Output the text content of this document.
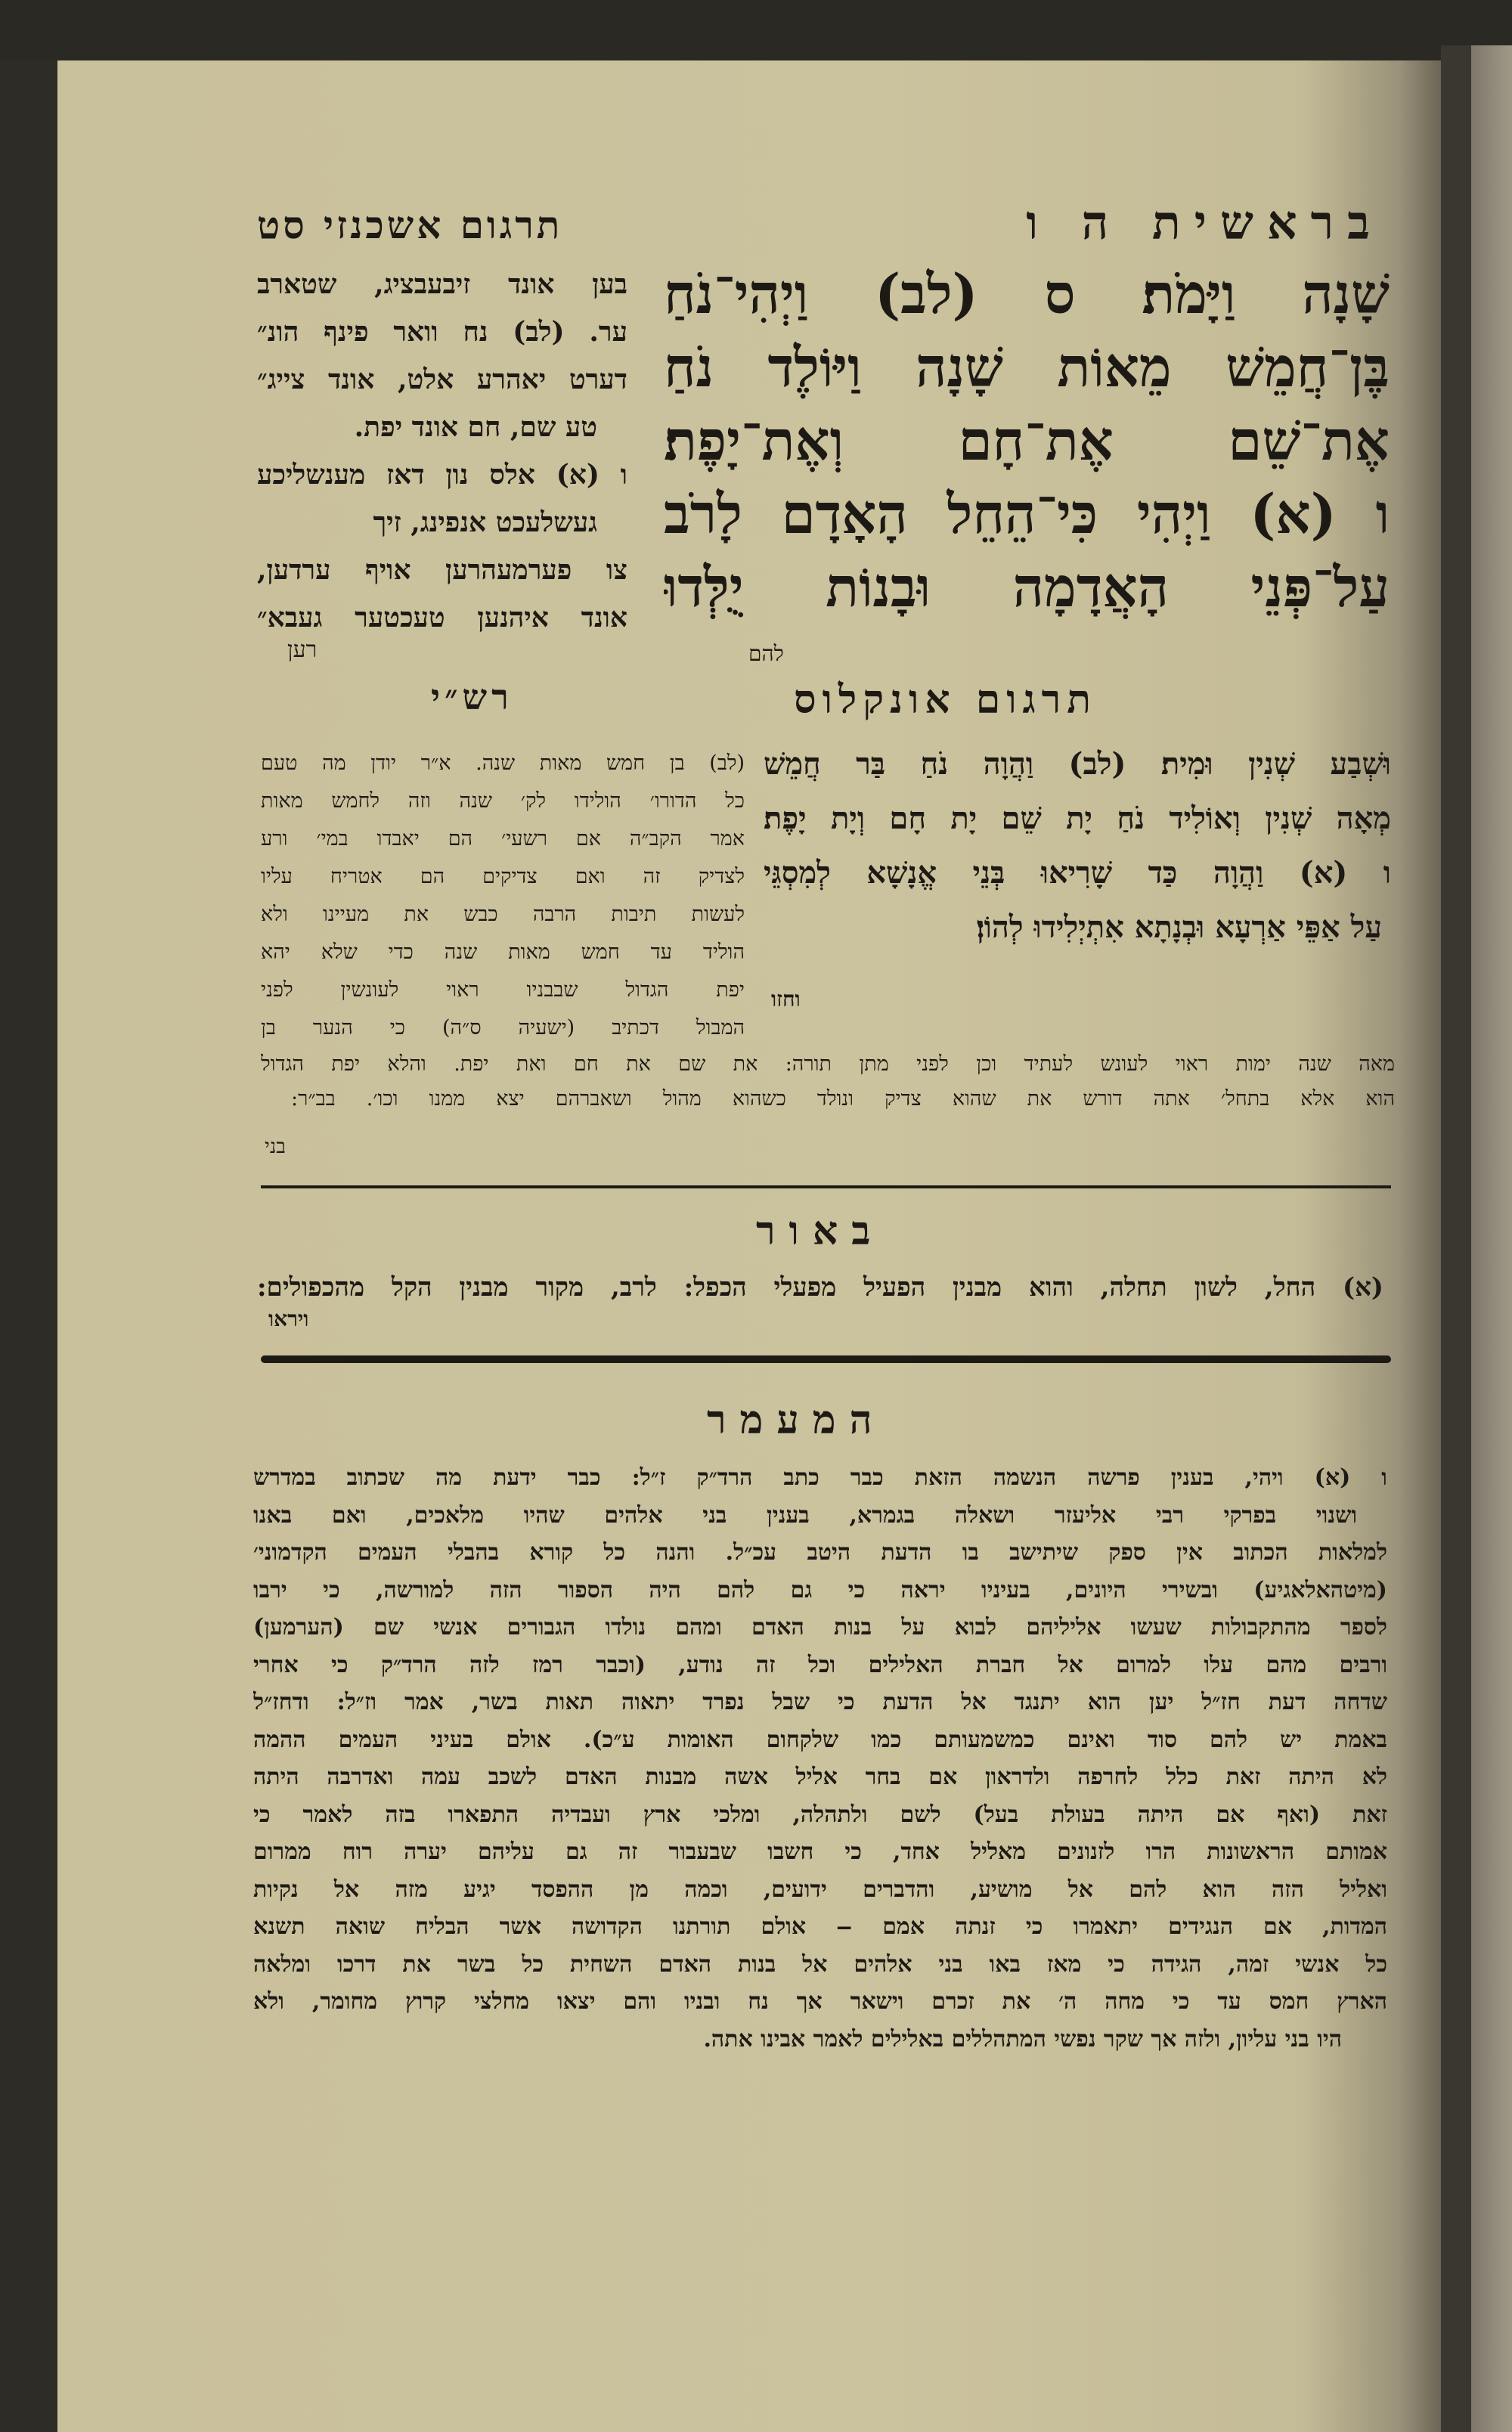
בראשית ה ו
תרגום אשכנזי סט
שָׁנָה וַיָּמֹת׃ ס (לב) וַיְהִי־נֹחַ
בֶּן־חֲמֵשׁ מֵאוֹת שָׁנָה וַיּוֹלֶד נֹחַ
אֶת־שֵׁם אֶת־חָם וְאֶת־יָפֶת׃
ו (א) וַיְהִי כִּי־הֵחֵל הָאָדָם לָרֹב
עַל־פְּנֵי הָאֲדָמָה וּבָנוֹת יֻלְּדוּ
להם
בען אונד זיבעבציג, שטארב
ער. (לב) נח וואר פינף הונ״
דערט יאהרע אלט, אונד צייג״
טע שם, חם אונד יפת.
ו (א) אלס נון דאז מענשליכע
געשלעכט אנפינג, זיך
צו פערמעהרען אויף ערדען,
אונד איהנען טעכטער געבא״
רען
תרגום אונקלוס
רש״י
וּשְׁבַע שְׁנִין וּמִית׃ (לב) וַהֲוָה נֹחַ בַּר חֲמֵשׁ
מְאָה שְׁנִין וְאוֹלִיד נֹחַ יָת שֵׁם יָת חָם וְיָת יָפֶת׃
ו (א) וַהֲוָה כַּד שָׁרִיאוּ בְּנֵי אֱנָשָׁא לְמִסְגֵּי
עַל אַפֵּי אַרְעָא וּבְנָתָא אִתְיְלִידוּ לְהוֹן׃
וחזו
(לב) בן חמש מאות שנה. א״ר יודן מה טעם
כל הדורו׳ הולידו לק׳ שנה וזה לחמש מאות
אמר הקב״ה אם רשעי׳ הם יאבדו במי׳ ורע
לצדיק זה ואם צדיקים הם אטריח עליו
לעשות תיבות הרבה כבש את מעיינו ולא
הוליד עד חמש מאות שנה כדי שלא יהא
יפת הגדול שבבניו ראוי לעונשין לפני
המבול דכתיב (ישעיה ס״ה) כי הנער בן
מאה שנה ימות ראוי לעונש לעתיד וכן לפני מתן תורה: את שם את חם ואת יפת. והלא יפת הגדול
הוא אלא בתחל׳ אתה דורש את שהוא צדיק ונולד כשהוא מהול ושאברהם יצא ממנו וכו׳. בב״ר:
בני
באור
(א) החל, לשון תחלה, והוא מבנין הפעיל מפעלי הכפל: לרב, מקור מבנין הקל מהכפולים:
ויראו
המעמר
ו (א) ויהי, בענין פרשה הנשמה הזאת כבר כתב הרד״ק ז״ל: כבר ידעת מה שכתוב במדרש
ושנוי בפרקי רבי אליעזר ושאלה בגמרא, בענין בני אלהים שהיו מלאכים, ואם באנו
למלאות הכתוב אין ספק שיתישב בו הדעת היטב עכ״ל. והנה כל קורא בהבלי העמים הקדמוני׳
(מיטהאלאגיע) ובשירי היונים, בעיניו יראה כי גם להם היה הספור הזה למורשה, כי ירבו
לספר מהתקבולות שעשו אליליהם לבוא על בנות האדם ומהם נולדו הגבורים אנשי שם (הערמען)
ורבים מהם עלו למרום אל חברת האלילים וכל זה נודע, (וכבר רמז לזה הרד״ק כי אחרי
שדחה דעת חז״ל יען הוא יתנגד אל הדעת כי שבל נפרד יתאוה תאות בשר, אמר וז״ל: ודחז״ל
באמת יש להם סוד ואינם כמשמעותם כמו שלקחום האומות ע״כ). אולם בעיני העמים ההמה
לא היתה זאת כלל לחרפה ולדראון אם בחר אליל אשה מבנות האדם לשכב עמה ואדרבה היתה
זאת (ואף אם היתה בעולת בעל) לשם ולתהלה, ומלכי ארץ ועבדיה התפארו בזה לאמר כי
אמותם הראשונות הרו לזנונים מאליל אחד, כי חשבו שבעבור זה גם עליהם יערה רוח ממרום
ואליל הזה הוא להם אל מושיע, והדברים ידועים, וכמה מן ההפסד יגיע מזה אל נקיות
המדות, אם הנגידים יתאמרו כי זנתה אמם ‒ אולם תורתנו הקדושה אשר הבליח שואה תשנא
כל אנשי זמה, הגידה כי מאז באו בני אלהים אל בנות האדם השחית כל בשר את דרכו ומלאה
הארץ חמס עד כי מחה ה׳ את זכרם וישאר אך נח ובניו והם יצאו מחלצי קרוץ מחומר, ולא
היו בני עליון, ולזה אך שקר נפשי המתהללים באלילים לאמר אבינו אתה.
